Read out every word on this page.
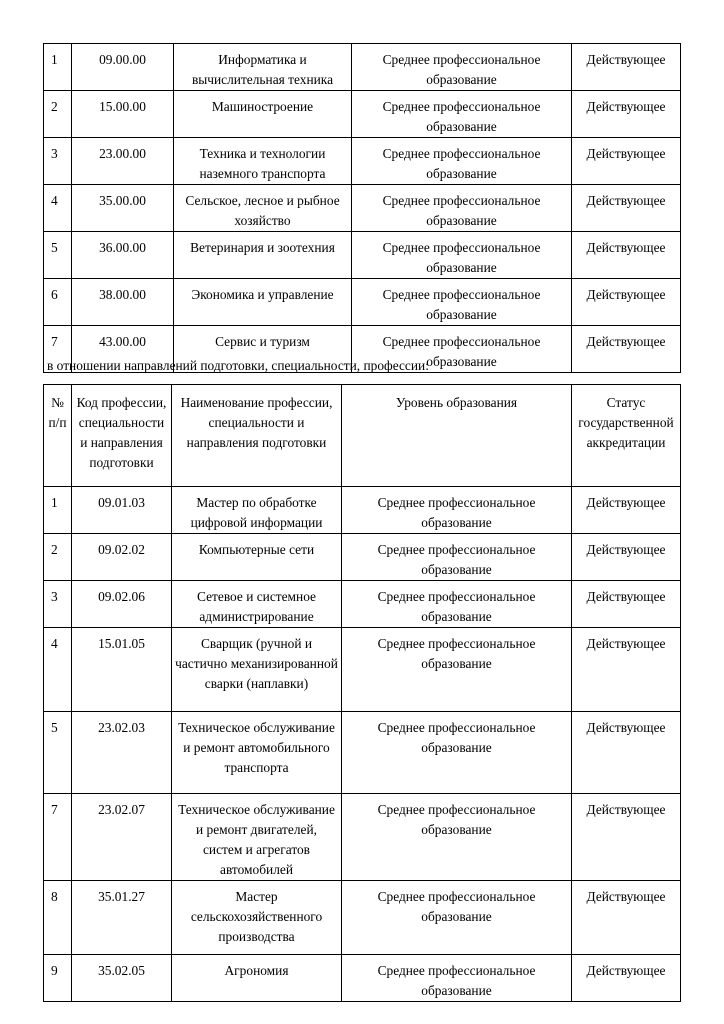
1	09.00.00	Информатика и вычислительная техника	Среднее профессиональное образование	Действующее
2	15.00.00	Машиностроение	Среднее профессиональное образование	Действующее
3	23.00.00	Техника и технологии наземного транспорта	Среднее профессиональное образование	Действующее
4	35.00.00	Сельское, лесное и рыбное хозяйство	Среднее профессиональное образование	Действующее
5	36.00.00	Ветеринария и зоотехния	Среднее профессиональное образование	Действующее
6	38.00.00	Экономика и управление	Среднее профессиональное образование	Действующее
7	43.00.00	Сервис и туризм	Среднее профессиональное образование	Действующее

в отношении направлений подготовки, специальности, профессии:

№ п/п	Код профессии, специальности и направления подготовки	Наименование профессии, специальности и направления подготовки	Уровень образования	Статус государственной аккредитации
1	09.01.03	Мастер по обработке цифровой информации	Среднее профессиональное образование	Действующее
2	09.02.02	Компьютерные сети	Среднее профессиональное образование	Действующее
3	09.02.06	Сетевое и системное администрирование	Среднее профессиональное образование	Действующее
4	15.01.05	Сварщик (ручной и частично механизированной сварки (наплавки)	Среднее профессиональное образование	Действующее
5	23.02.03	Техническое обслуживание и ремонт автомобильного транспорта	Среднее профессиональное образование	Действующее
7	23.02.07	Техническое обслуживание и ремонт двигателей, систем и агрегатов автомобилей	Среднее профессиональное образование	Действующее
8	35.01.27	Мастер сельскохозяйственного производства	Среднее профессиональное образование	Действующее
9	35.02.05	Агрономия	Среднее профессиональное образование	Действующее
